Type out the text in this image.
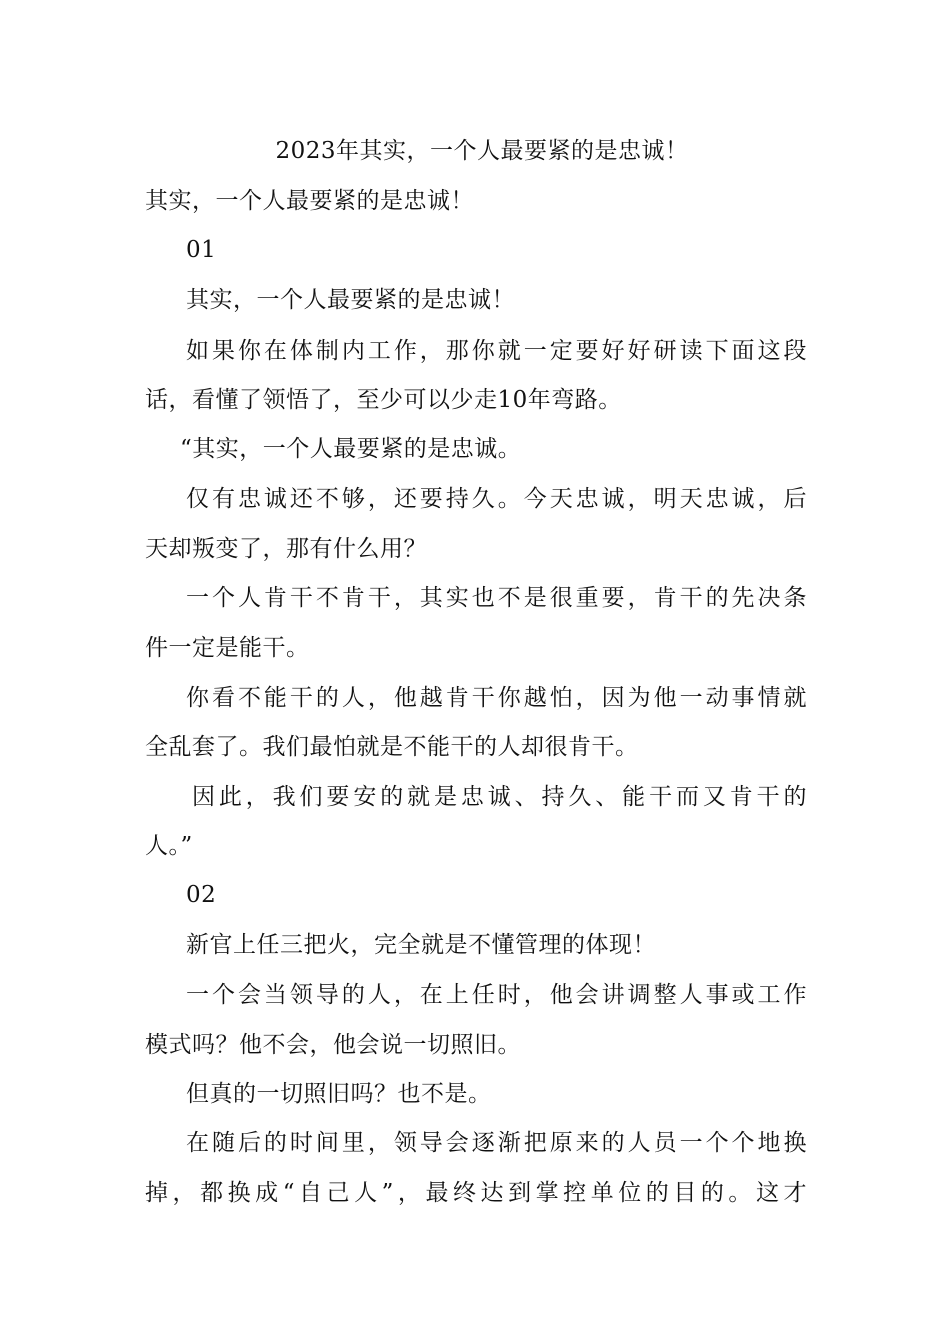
2023年其实，一个人最要紧的是忠诚！
其实，一个人最要紧的是忠诚！
01
其实，一个人最要紧的是忠诚！
如果你在体制内工作，那你就一定要好好研读下面这段
话，看懂了领悟了，至少可以少走10年弯路。
“其实，一个人最要紧的是忠诚。
仅有忠诚还不够，还要持久。今天忠诚，明天忠诚，后
天却叛变了，那有什么用？
一个人肯干不肯干，其实也不是很重要，肯干的先决条
件一定是能干。
你看不能干的人，他越肯干你越怕，因为他一动事情就
全乱套了。我们最怕就是不能干的人却很肯干。
因此，我们要安的就是忠诚、持久、能干而又肯干的
人。”
02
新官上任三把火，完全就是不懂管理的体现！
一个会当领导的人，在上任时，他会讲调整人事或工作
模式吗？他不会，他会说一切照旧。
但真的一切照旧吗？也不是。
在随后的时间里，领导会逐渐把原来的人员一个个地换
掉，都换成“自己人”，最终达到掌控单位的目的。这才
